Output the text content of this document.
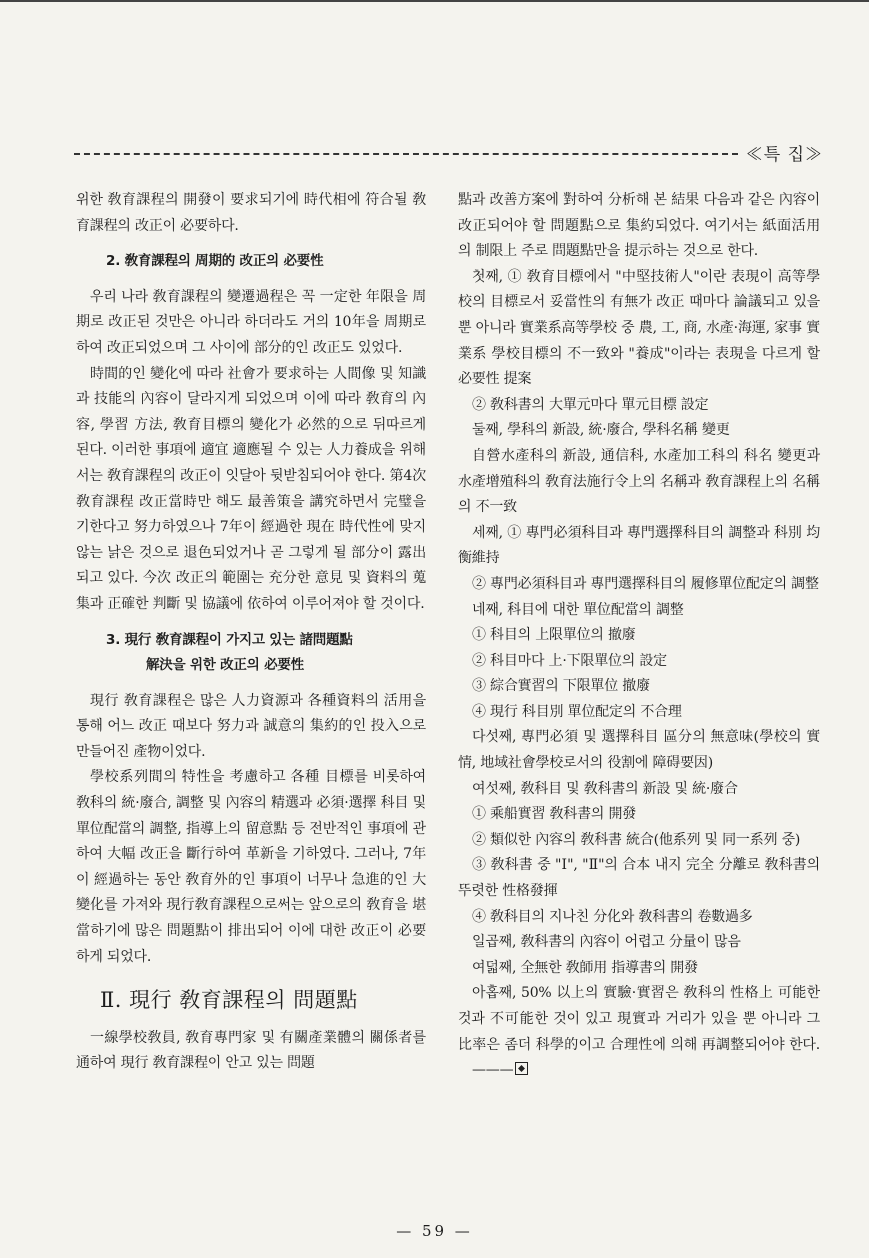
≪특 집≫

위한 敎育課程의 開發이 要求되기에 時代相에 符合될 敎育課程의 改正이 必要하다.

2. 敎育課程의 周期的 改正의 必要性

우리 나라 敎育課程의 變遷過程은 꼭 一定한 年限을 周期로 改正된 것만은 아니라 하더라도 거의 10年을 周期로 하여 改正되었으며 그 사이에 部分的인 改正도 있었다.

時間的인 變化에 따라 社會가 要求하는 人間像 및 知識과 技能의 內容이 달라지게 되었으며 이에 따라 敎育의 內容, 學習 方法, 敎育目標의 變化가 必然的으로 뒤따르게 된다. 이러한 事項에 適宜 適應될 수 있는 人力養成을 위해서는 敎育課程의 改正이 잇달아 뒷받침되어야 한다. 第4次 敎育課程 改正當時만 해도 最善策을 講究하면서 完璧을 기한다고 努力하였으나 7年이 經過한 現在 時代性에 맞지 않는 낡은 것으로 退色되었거나 곧 그렇게 될 部分이 露出되고 있다. 今次 改正의 範圍는 充分한 意見 및 資料의 蒐集과 正確한 判斷 및 協議에 依하여 이루어져야 할 것이다.

3. 現行 敎育課程이 가지고 있는 諸問題點
解決을 위한 改正의 必要性

現行 敎育課程은 많은 人力資源과 各種資料의 活用을 통해 어느 改正 때보다 努力과 誠意의 集約的인 投入으로 만들어진 產物이었다.

學校系列間의 特性을 考慮하고 各種 目標를 비롯하여 敎科의 統·廢合, 調整 및 內容의 精選과 必須·選擇 科目 및 單位配當의 調整, 指導上의 留意點 등 전반적인 事項에 관하여 大幅 改正을 斷行하여 革新을 기하였다. 그러나, 7年이 經過하는 동안 敎育外的인 事項이 너무나 急進的인 大變化를 가져와 現行敎育課程으로써는 앞으로의 敎育을 堪當하기에 많은 問題點이 排出되어 이에 대한 改正이 必要하게 되었다.

Ⅱ. 現行 敎育課程의 問題點

一線學校敎員, 敎育專門家 및 有關產業體의 關係者를 通하여 現行 敎育課程이 안고 있는 問題

點과 改善方案에 對하여 分析해 본 結果 다음과 같은 內容이 改正되어야 할 問題點으로 集約되었다. 여기서는 紙面活用의 制限上 주로 問題點만을 提示하는 것으로 한다.

첫째, ① 敎育目標에서 "中堅技術人"이란 表現이 高等學校의 目標로서 妥當性의 有無가 改正 때마다 論議되고 있을 뿐 아니라 實業系高等學校 중 農, 工, 商, 水產·海運, 家事 實業系 學校目標의 不一致와 "養成"이라는 表現을 다르게 할 必要性 提案

② 敎科書의 大單元마다 單元目標 設定

둘째, 學科의 新設, 統·廢合, 學科名稱 變更

自營水產科의 新設, 通信科, 水產加工科의 科名 變更과 水產增殖科의 敎育法施行令上의 名稱과 敎育課程上의 名稱의 不一致

세째, ① 專門必須科目과 專門選擇科目의 調整과 科別 均衡維持

② 專門必須科目과 專門選擇科目의 履修單位配定의 調整

네째, 科目에 대한 單位配當의 調整

① 科目의 上限單位의 撤廢

② 科目마다 上·下限單位의 設定

③ 綜合實習의 下限單位 撤廢

④ 現行 科目別 單位配定의 不合理

다섯째, 專門必須 및 選擇科目 區分의 無意味(學校의 實情, 地域社會學校로서의 役割에 障碍要因)

여섯째, 敎科目 및 敎科書의 新設 및 統·廢合

① 乘船實習 敎科書의 開發

② 類似한 內容의 敎科書 統合(他系列 및 同一系列 중)

③ 敎科書 중 "Ⅰ", "Ⅱ"의 合本 내지 完全 分離로 敎科書의 뚜렷한 性格發揮

④ 敎科目의 지나친 分化와 敎科書의 卷數過多

일곱째, 敎科書의 內容이 어렵고 分量이 많음

여덟째, 全無한 敎師用 指導書의 開發

아홉째, 50% 以上의 實驗·實習은 敎科의 性格上 可能한 것과 不可能한 것이 있고 現實과 거리가 있을 뿐 아니라 그 比率은 좀더 科學的이고 合理性에 의해 再調整되어야 한다. ———

— 59 —
